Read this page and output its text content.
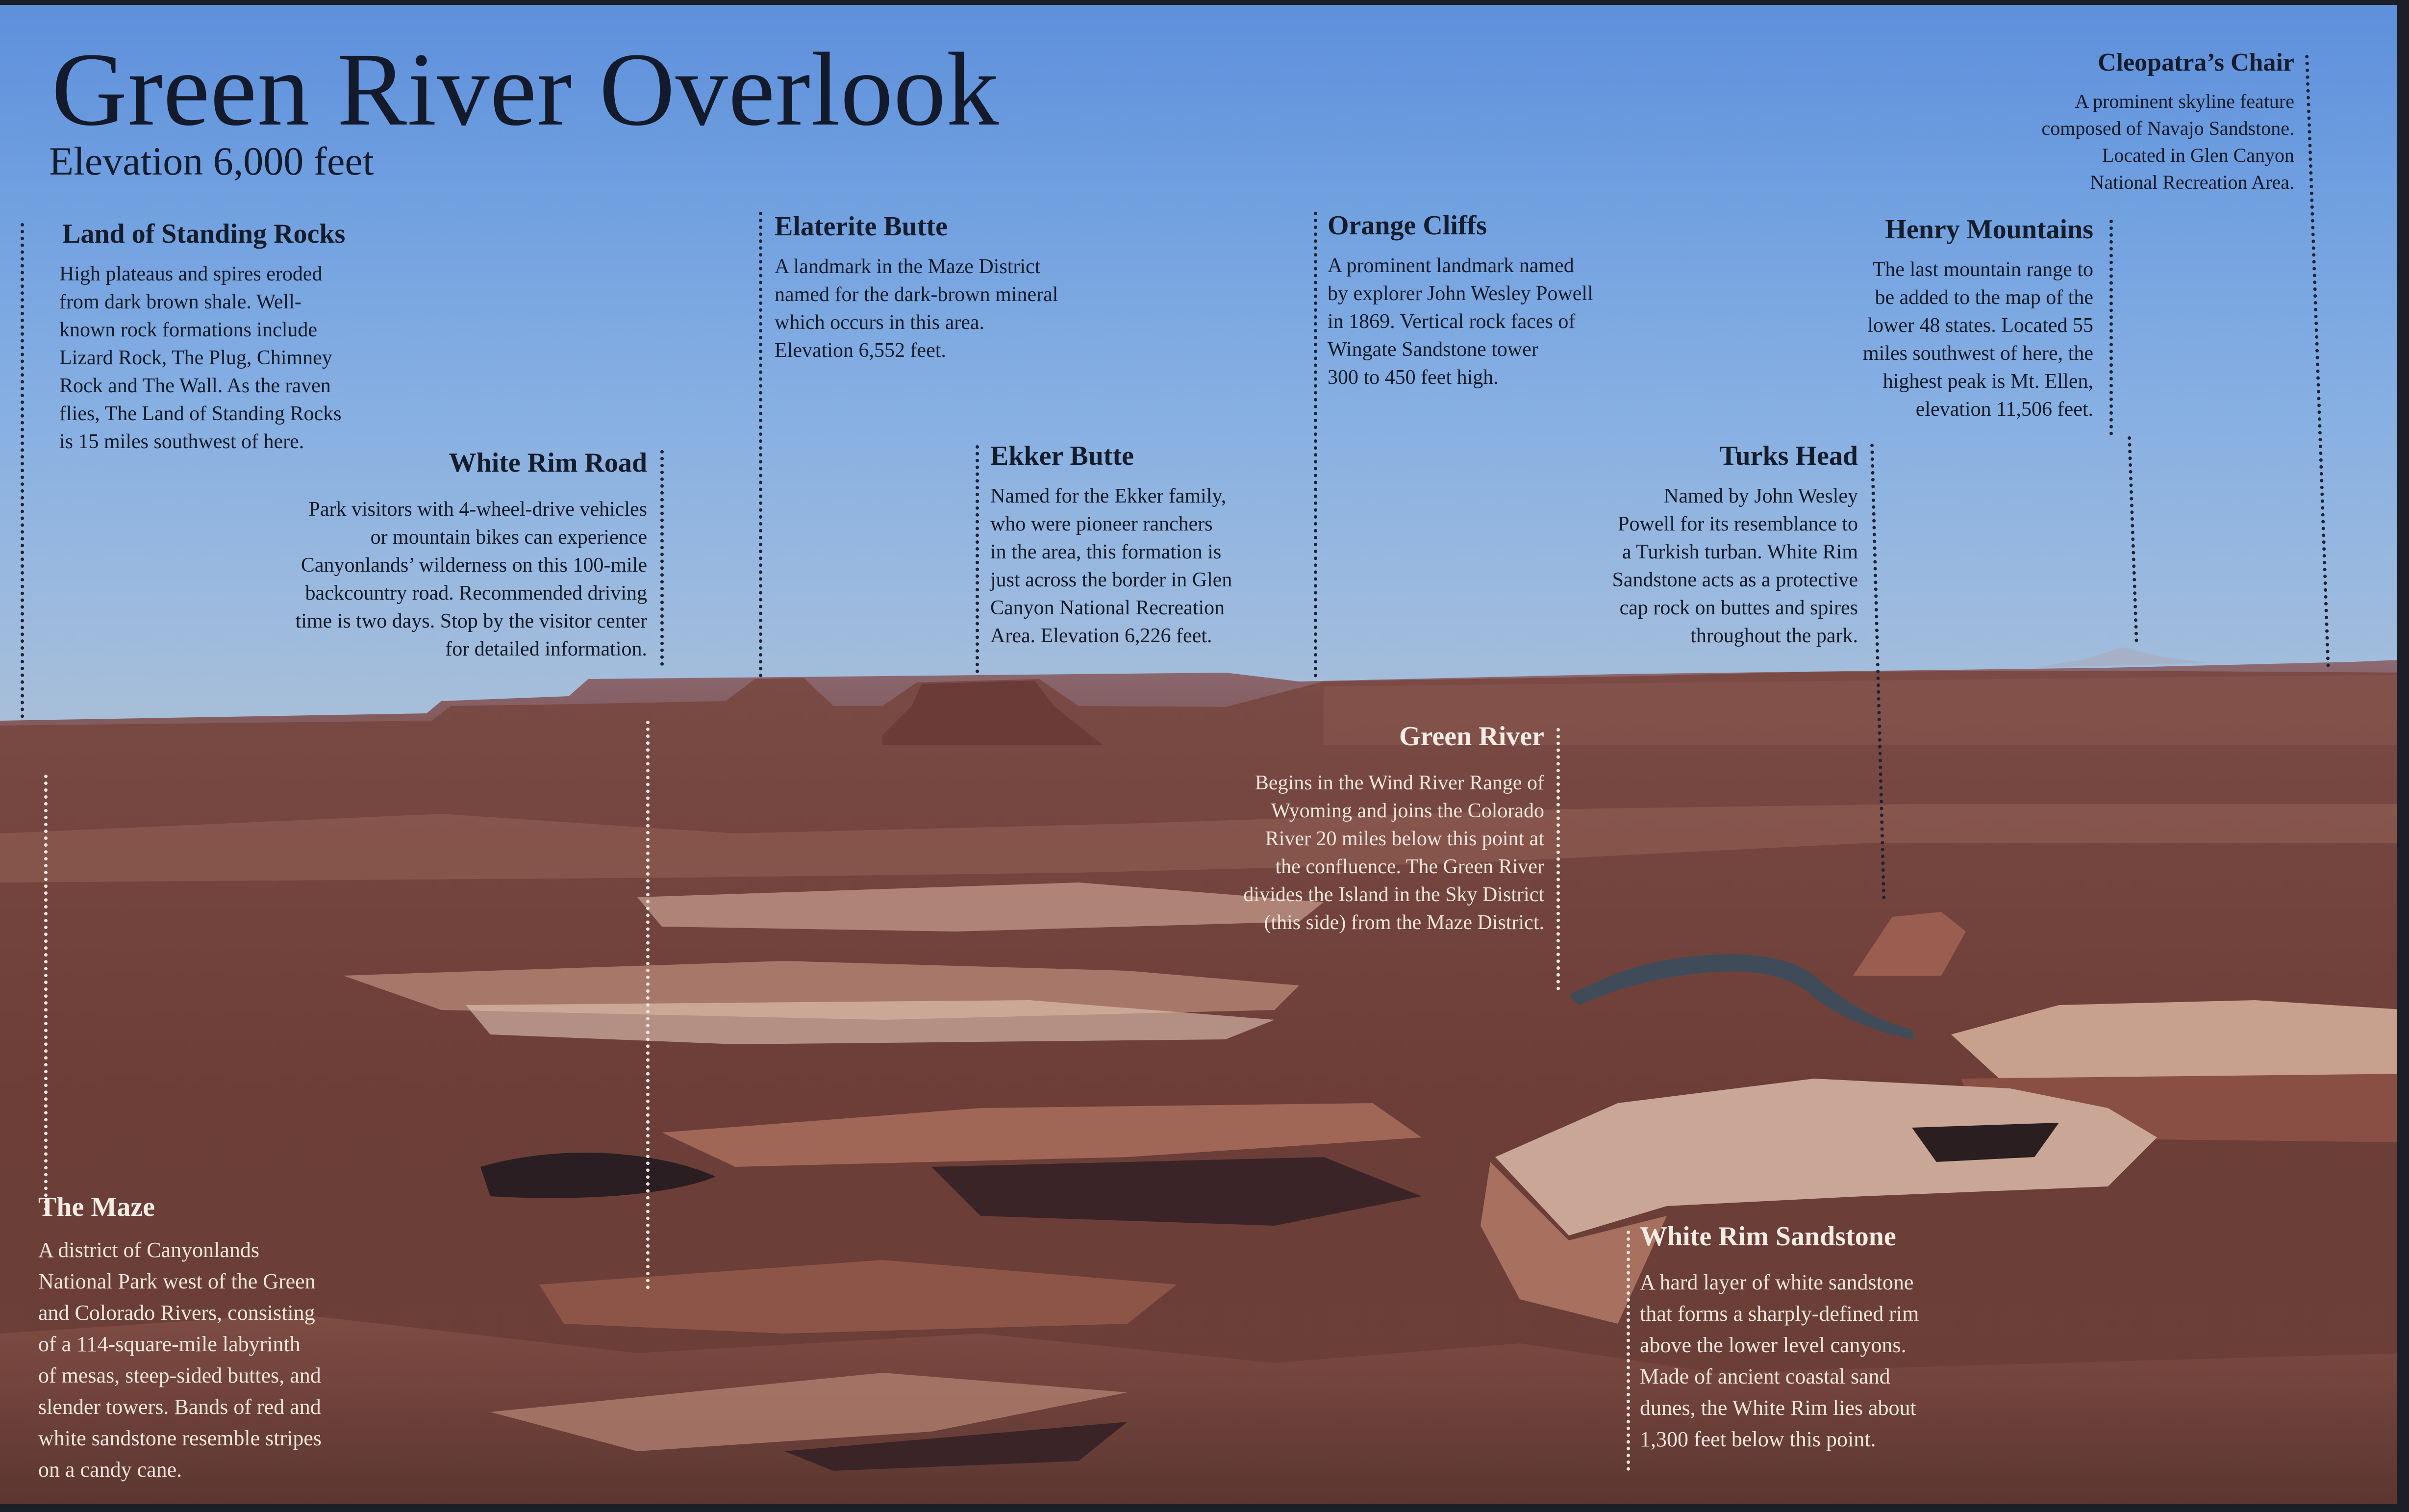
Green River Overlook
Elevation 6,000 feet
Land of Standing Rocks

High plateaus and spires eroded
from dark brown shale. Well-
known rock formations include
Lizard Rock, The Plug, Chimney
Rock and The Wall. As the raven
flies, The Land of Standing Rocks
is 15 miles southwest of here.

White Rim Road

Park visitors with 4-wheel-drive vehicles
or mountain bikes can experience
Canyonlands’ wilderness on this 100-mile
backcountry road. Recommended driving
time is two days. Stop by the visitor center
for detailed information.

Elaterite Butte

A landmark in the Maze District
named for the dark-brown mineral
which occurs in this area.
Elevation 6,552 feet.

Ekker Butte

Named for the Ekker family,
who were pioneer ranchers
in the area, this formation is
just across the border in Glen
Canyon National Recreation
Area. Elevation 6,226 feet.

Orange Cliffs

A prominent landmark named
by explorer John Wesley Powell
in 1869. Vertical rock faces of
Wingate Sandstone tower
300 to 450 feet high.

Henry Mountains

The last mountain range to
be added to the map of the
lower 48 states. Located 55
miles southwest of here, the
highest peak is Mt. Ellen,
elevation 11,506 feet.

Cleopatra’s Chair

A prominent skyline feature
composed of Navajo Sandstone.
Located in Glen Canyon
National Recreation Area.

Turks Head

Named by John Wesley
Powell for its resemblance to
a Turkish turban. White Rim
Sandstone acts as a protective
cap rock on buttes and spires
throughout the park.

Green River

Begins in the Wind River Range of
Wyoming and joins the Colorado
River 20 miles below this point at
the confluence. The Green River
divides the Island in the Sky District
(this side) from the Maze District.

The Maze

A district of Canyonlands
National Park west of the Green
and Colorado Rivers, consisting
of a 114-square-mile labyrinth
of mesas, steep-sided buttes, and
slender towers. Bands of red and
white sandstone resemble stripes
on a candy cane.

White Rim Sandstone

A hard layer of white sandstone
that forms a sharply-defined rim
above the lower level canyons.
Made of ancient coastal sand
dunes, the White Rim lies about
1,300 feet below this point.
